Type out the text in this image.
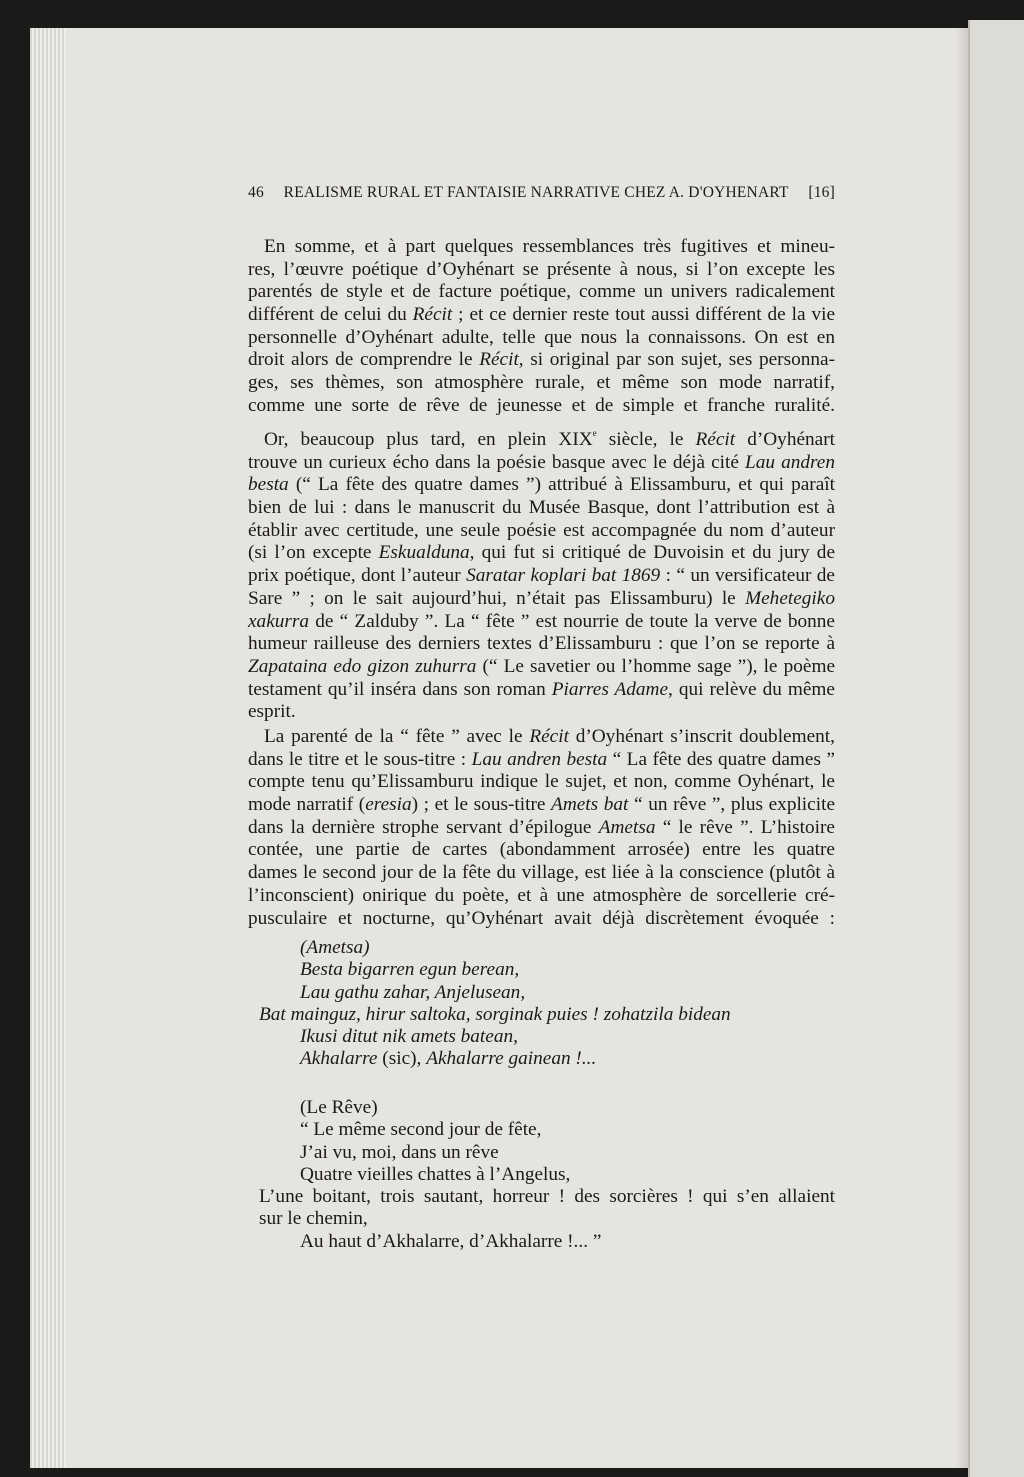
46 REALISME RURAL ET FANTAISIE NARRATIVE CHEZ A. D'OYHENART [16]
En somme, et à part quelques ressemblances très fugitives et mineu-
res, l’œuvre poétique d’Oyhénart se présente à nous, si l’on excepte les
parentés de style et de facture poétique, comme un univers radicalement
différent de celui du Récit ; et ce dernier reste tout aussi différent de la vie
personnelle d’Oyhénart adulte, telle que nous la connaissons. On est en
droit alors de comprendre le Récit, si original par son sujet, ses personna-
ges, ses thèmes, son atmosphère rurale, et même son mode narratif,
comme une sorte de rêve de jeunesse et de simple et franche ruralité.
Or, beaucoup plus tard, en plein XIXe siècle, le Récit d’Oyhénart
trouve un curieux écho dans la poésie basque avec le déjà cité Lau andren
besta (“ La fête des quatre dames ”) attribué à Elissamburu, et qui paraît
bien de lui : dans le manuscrit du Musée Basque, dont l’attribution est à
établir avec certitude, une seule poésie est accompagnée du nom d’auteur
(si l’on excepte Eskualduna, qui fut si critiqué de Duvoisin et du jury de
prix poétique, dont l’auteur Saratar koplari bat 1869 : “ un versificateur de
Sare ” ; on le sait aujourd’hui, n’était pas Elissamburu) le Mehetegiko
xakurra de “ Zalduby ”. La “ fête ” est nourrie de toute la verve de bonne
humeur railleuse des derniers textes d’Elissamburu : que l’on se reporte à
Zapataina edo gizon zuhurra (“ Le savetier ou l’homme sage ”), le poème
testament qu’il inséra dans son roman Piarres Adame, qui relève du même
esprit.
La parenté de la “ fête ” avec le Récit d’Oyhénart s’inscrit doublement,
dans le titre et le sous-titre : Lau andren besta “ La fête des quatre dames ”
compte tenu qu’Elissamburu indique le sujet, et non, comme Oyhénart, le
mode narratif (eresia) ; et le sous-titre Amets bat “ un rêve ”, plus explicite
dans la dernière strophe servant d’épilogue Ametsa “ le rêve ”. L’histoire
contée, une partie de cartes (abondamment arrosée) entre les quatre
dames le second jour de la fête du village, est liée à la conscience (plutôt à
l’inconscient) onirique du poète, et à une atmosphère de sorcellerie cré-
pusculaire et nocturne, qu’Oyhénart avait déjà discrètement évoquée :
(Ametsa)
Besta bigarren egun berean,
Lau gathu zahar, Anjelusean,
Bat mainguz, hirur saltoka, sorginak puies ! zohatzila bidean
Ikusi ditut nik amets batean,
Akhalarre (sic), Akhalarre gainean !...
(Le Rêve)
“ Le même second jour de fête,
J’ai vu, moi, dans un rêve
Quatre vieilles chattes à l’Angelus,
L’une boitant, trois sautant, horreur ! des sorcières ! qui s’en allaient
sur le chemin,
Au haut d’Akhalarre, d’Akhalarre !... ”
